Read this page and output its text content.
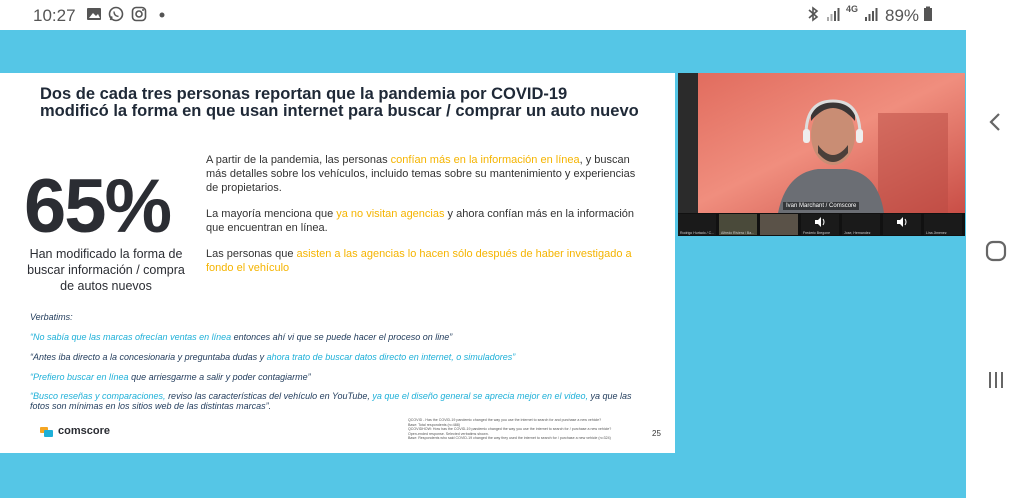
10:27	4G 89%
Dos de cada tres personas reportan que la pandemia por COVID-19 modificó la forma en que usan internet para buscar / comprar un auto nuevo
65%
Han modificado la forma de buscar información / compra de autos nuevos
A partir de la pandemia, las personas confían más en la información en línea, y buscan más detalles sobre los vehículos, incluido temas sobre su mantenimiento y experiencias de propietarios.
La mayoría menciona que ya no visitan agencias y ahora confían más en la información que encuentran en línea.
Las personas que asisten a las agencias lo hacen sólo después de haber investigado a fondo el vehículo
Verbatims:
“No sabía que las marcas ofrecían ventas en línea entonces ahí vi que se puede hacer el proceso on line”
“Antes iba directo a la concesionaria y preguntaba dudas y ahora trato de buscar datos directo en internet, o simuladores”
“Prefiero buscar en línea que arriesgarme a salir y poder contagiarme”
“Busco reseñas y comparaciones, reviso las características del vehículo en YouTube, ya que el diseño general se aprecia mejor en el video, ya que las fotos son mínimas en los sitios web de las distintas marcas”.
comscore
QCOVID - Has the COVID-19 pandemic changed the way you use the internet to search for and purchase a new vehicle?
Base: Total respondents (n=488)
QCOVIDHOW: How has the COVID-19 pandemic changed the way you use the internet to search for / purchase a new vehicle?
Open-ended response. Selected verbatims shown.
Base: Respondents who said COVID-19 changed the way they used the internet to search for / purchase a new vehicle (n=324)	25
Ivan Marchant / Comscore
Rodrigo Hurtado / C... Alfredo Riviera / Ba...	Frederic Bregone	Jose, Hernandez	Lina Jimenez
